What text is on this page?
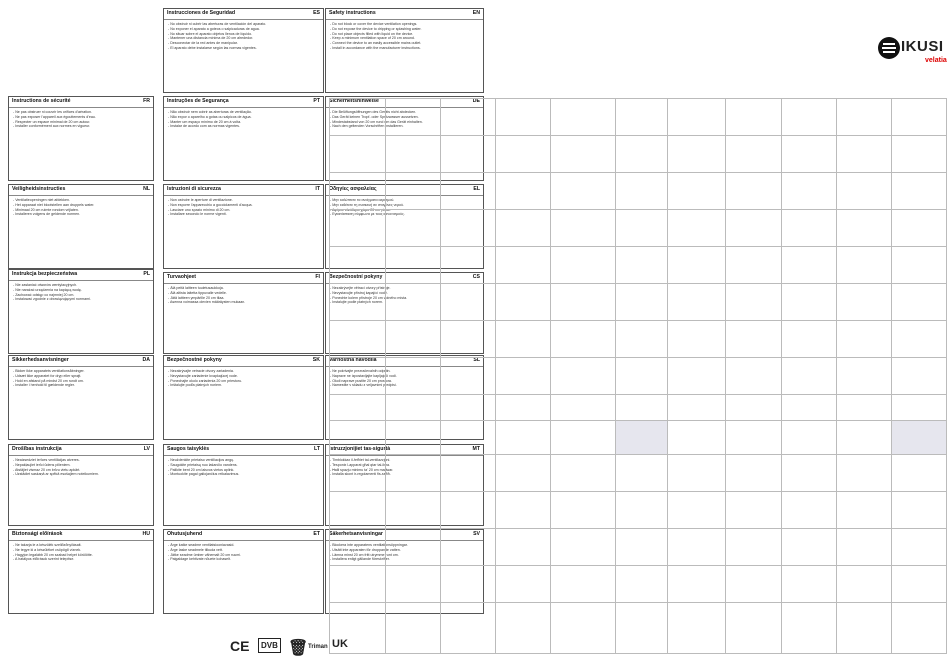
Instrucciones de Seguridad	ES
- No obstruir ni cubrir las aberturas de ventilación del aparato.
- No exponer el aparato a goteos o salpicaduras de agua.
- No situar sobre el aparato objetos llenos de líquido.
- Mantener una distancia mínima de 20 cm alrededor.
- Desconectar de la red antes de manipular.
- El aparato debe instalarse según las normas vigentes.
Safety instructions	EN
- Do not block or cover the device ventilation openings.
- Do not expose the device to dripping or splashing water.
- Do not place objects filled with liquid on the device.
- Keep a minimum ventilation space of 20 cm around.
- Connect the device to an easily accessible mains outlet.
- Install in accordance with the manufacturer instructions.
Instructions de sécurité	FR
- Ne pas obstruer ni couvrir les orifices d'aération.
- Ne pas exposer l'appareil aux égouttements d'eau.
- Respecter un espace minimal de 20 cm autour.
- Installer conformément aux normes en vigueur.
Instruções de Segurança	PT
- Não obstruir nem cobrir as aberturas de ventilação.
- Não expor o aparelho a gotas ou salpicos de água.
- Manter um espaço mínimo de 20 cm à volta.
- Instalar de acordo com as normas vigentes.
Sicherheitshinweise	DE
- Die Belüftungsöffnungen des Geräts nicht abdecken.
- Das Gerät keinen Tropf- oder Spritzwasser aussetzen.
- Mindestabstand von 20 cm rund um das Gerät einhalten.
- Nach den geltenden Vorschriften installieren.
Veiligheidsinstructies	NL
- Ventilatieopeningen niet afdekken.
- Het apparaat niet blootstellen aan druppels water.
- Minimaal 20 cm ruimte rondom vrijlaten.
- Installeren volgens de geldende normen.
Istruzioni di sicurezza	IT
- Non ostruire le aperture di ventilazione.
- Non esporre l'apparecchio a gocciolamenti d'acqua.
- Lasciare uno spazio minimo di 20 cm.
- Installare secondo le norme vigenti.
Οδηγίες ασφαλείας	EL
- Μην καλύπτετε τα ανοίγματα αερισμού.
- Μην εκθέτετε τη συσκευή σε σταγόνες νερού.
- Αφήστε ελεύθερο χώρο 20 cm γύρω.
- Εγκατάσταση σύμφωνα με τους κανονισμούς.
Instrukcja bezpieczeństwa	PL
- Nie zasłaniać otworów wentylacyjnych.
- Nie narażać urządzenia na kapiącą wodę.
- Zachować odstęp co najmniej 20 cm.
- Instalować zgodnie z obowiązującymi normami.
Turvaohjeet	FI
- Älä peitä laitteen tuuletusaukkoja.
- Älä altista laitetta tippuvalle vedelle.
- Jätä laitteen ympärille 20 cm tilaa.
- Asenna voimassa olevien määräysten mukaan.
Bezpečnostní pokyny	CS
- Nezakrývejte větrací otvory přístroje.
- Nevystavujte přístroj kapající vodě.
- Ponechte kolem přístroje 20 cm volného místa.
- Instalujte podle platných norem.
Sikkerhedsanvisninger	DA
- Bloker ikke apparatets ventilationsåbninger.
- Udsæt ikke apparatet for dryp eller sprøjt.
- Hold en afstand på mindst 20 cm rundt om.
- Installer i henhold til gældende regler.
Bezpečnostné pokyny	SK
- Nezakrývajte vetracie otvory zariadenia.
- Nevystavujte zariadenie kvapkajúcej vode.
- Ponechajte okolo zariadenia 20 cm priestoru.
- Inštalujte podľa platných noriem.
Varnostna navodila	SL
- Ne pokrivajte prezračevalnih odprtin.
- Naprave ne izpostavljajte kapljajoči vodi.
- Okoli naprave pustite 20 cm prostora.
- Namestite v skladu z veljavnimi predpisi.
Drošības instrukcija	LV
- Neaizsedziet ierīces ventilācijas atveres.
- Nepakļaujiet ierīci ūdens pilieniem.
- Atstājiet vismaz 20 cm brīvu vietu apkārt.
- Uzstādiet saskaņā ar spēkā esošajiem noteikumiem.
Saugos taisyklės	LT
- Neuždenkite prietaiso ventiliacijos angų.
- Saugokite prietaisą nuo lašančio vandens.
- Palikite bent 20 cm laisvos vietos aplink.
- Montuokite pagal galiojančius reikalavimus.
Istruzzjonijiet tas-sigurtà	MT
- Timblokkax il-fetħiet tal-ventilazzjoni.
- Tesponix l-apparat għal qtar tal-ilma.
- Ħalli spazju minimu ta' 20 cm madwar.
- Installa skont ir-regolamenti fis-seħħ.
Biztonsági előírások	HU
- Ne takarja le a készülék szellőzőnyílásait.
- Ne tegye ki a készüléket csöpögő víznek.
- Hagyjon legalább 20 cm szabad helyet körülötte.
- A hatályos előírások szerint telepítse.
Ohutusjuhend	ET
- Ärge katke seadme ventilatsiooniavasid.
- Ärge laske seadmele tilkuda vett.
- Jätke seadme ümber vähemalt 20 cm ruumi.
- Paigaldage kehtivate nõuete kohaselt.
Säkerhetsanvisningar	SV
- Blockera inte apparatens ventilationsöppningar.
- Utsätt inte apparaten för droppande vatten.
- Lämna minst 20 cm fritt utrymme runt om.
- Installera enligt gällande föreskrifter.
IKUSI
velatia
CE	DVB 🗑 Triman UK
